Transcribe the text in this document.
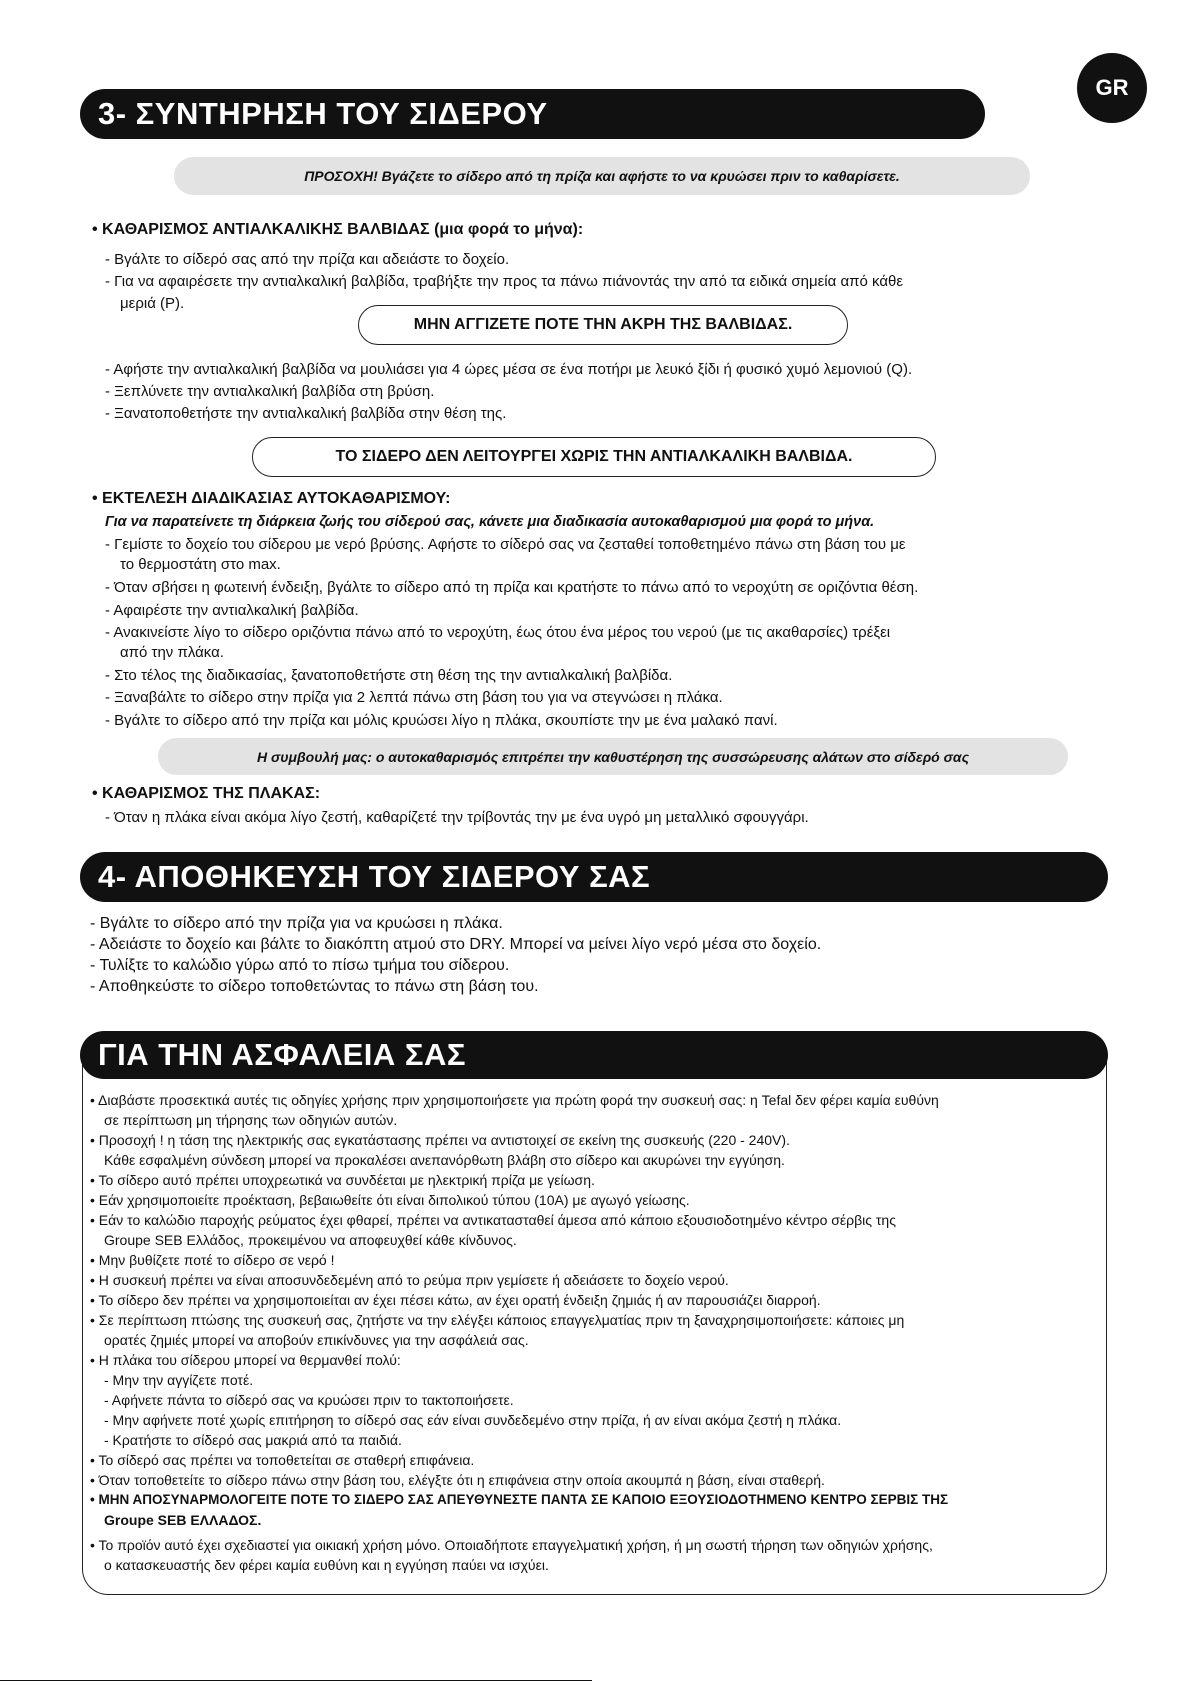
GR
3- ΣΥΝΤΗΡΗΣΗ ΤΟΥ ΣΙΔΕΡΟΥ
ΠΡΟΣΟΧΗ! Βγάζετε το σίδερο από τη πρίζα και αφήστε το να κρυώσει πριν το καθαρίσετε.
• ΚΑΘΑΡΙΣΜΟΣ ΑΝΤΙΑΛΚΑΛΙΚΗΣ ΒΑΛΒΙΔΑΣ (μια φορά το μήνα):
- Βγάλτε το σίδερό σας από την πρίζα και αδειάστε το δοχείο.
- Για να αφαιρέσετε την αντιαλκαλική βαλβίδα, τραβήξτε την προς τα πάνω πιάνοντάς την από τα ειδικά σημεία από κάθε
μεριά (P).
ΜΗΝ ΑΓΓΙΖΕΤΕ ΠΟΤΕ ΤΗΝ ΑΚΡΗ ΤΗΣ ΒΑΛΒΙΔΑΣ.
- Αφήστε την αντιαλκαλική βαλβίδα να μουλιάσει για 4 ώρες μέσα σε ένα ποτήρι με λευκό ξίδι ή φυσικό χυμό λεμονιού (Q).
- Ξεπλύνετε την αντιαλκαλική βαλβίδα στη βρύση.
- Ξανατοποθετήστε την αντιαλκαλική βαλβίδα στην θέση της.
ΤΟ ΣΙΔΕΡΟ ΔΕΝ ΛΕΙΤΟΥΡΓΕΙ ΧΩΡΙΣ ΤΗΝ ΑΝΤΙΑΛΚΑΛΙΚΗ ΒΑΛΒΙΔΑ.
• ΕΚΤΕΛΕΣΗ ΔΙΑΔΙΚΑΣΙΑΣ ΑΥΤΟΚΑΘΑΡΙΣΜΟΥ:
Για να παρατείνετε τη διάρκεια ζωής του σίδερού σας, κάνετε μια διαδικασία αυτοκαθαρισμού μια φορά το μήνα.
- Γεμίστε το δοχείο του σίδερου με νερό βρύσης. Αφήστε το σίδερό σας να ζεσταθεί τοποθετημένο πάνω στη βάση του με
το θερμοστάτη στο max.
- Όταν σβήσει η φωτεινή ένδειξη, βγάλτε το σίδερο από τη πρίζα και κρατήστε το πάνω από το νεροχύτη σε οριζόντια θέση.
- Αφαιρέστε την αντιαλκαλική βαλβίδα.
- Ανακινείστε λίγο το σίδερο οριζόντια πάνω από το νεροχύτη, έως ότου ένα μέρος του νερού (με τις ακαθαρσίες) τρέξει
από την πλάκα.
- Στο τέλος της διαδικασίας, ξανατοποθετήστε στη θέση της την αντιαλκαλική βαλβίδα.
- Ξαναβάλτε το σίδερο στην πρίζα για 2 λεπτά πάνω στη βάση του για να στεγνώσει η πλάκα.
- Βγάλτε το σίδερο από την πρίζα και μόλις κρυώσει λίγο η πλάκα, σκουπίστε την με ένα μαλακό πανί.
Η συμβουλή μας: ο αυτοκαθαρισμός επιτρέπει την καθυστέρηση της συσσώρευσης αλάτων στο σίδερό σας
• ΚΑΘΑΡΙΣΜΟΣ ΤΗΣ ΠΛΑΚΑΣ:
- Όταν η πλάκα είναι ακόμα λίγο ζεστή, καθαρίζετέ την τρίβοντάς την με ένα υγρό μη μεταλλικό σφουγγάρι.
4- ΑΠΟΘΗΚΕΥΣΗ ΤΟΥ ΣΙΔΕΡΟΥ ΣΑΣ
- Βγάλτε το σίδερο από την πρίζα για να κρυώσει η πλάκα.
- Αδειάστε το δοχείο και βάλτε το διακόπτη ατμού στο DRY. Μπορεί να μείνει λίγο νερό μέσα στο δοχείο.
- Τυλίξτε το καλώδιο γύρω από το πίσω τμήμα του σίδερου.
- Αποθηκεύστε το σίδερο τοποθετώντας το πάνω στη βάση του.
ΓΙΑ ΤΗΝ ΑΣΦΑΛΕΙΑ ΣΑΣ
• Διαβάστε προσεκτικά αυτές τις οδηγίες χρήσης πριν χρησιμοποιήσετε για πρώτη φορά την συσκευή σας: η Tefal δεν φέρει καμία ευθύνη
σε περίπτωση μη τήρησης των οδηγιών αυτών.
• Προσοχή ! η τάση της ηλεκτρικής σας εγκατάστασης πρέπει να αντιστοιχεί σε εκείνη της συσκευής (220 - 240V).
Κάθε εσφαλμένη σύνδεση μπορεί να προκαλέσει ανεπανόρθωτη βλάβη στο σίδερο και ακυρώνει την εγγύηση.
• Το σίδερο αυτό πρέπει υποχρεωτικά να συνδέεται με ηλεκτρική πρίζα με γείωση.
• Εάν χρησιμοποιείτε προέκταση, βεβαιωθείτε ότι είναι διπολικού τύπου (10A) με αγωγό γείωσης.
• Εάν το καλώδιο παροχής ρεύματος έχει φθαρεί, πρέπει να αντικατασταθεί άμεσα από κάποιο εξουσιοδοτημένο κέντρο σέρβις της
Groupe SEB Ελλάδος, προκειμένου να αποφευχθεί κάθε κίνδυνος.
• Μην βυθίζετε ποτέ το σίδερο σε νερό !
• Η συσκευή πρέπει να είναι αποσυνδεδεμένη από το ρεύμα πριν γεμίσετε ή αδειάσετε το δοχείο νερού.
• Το σίδερο δεν πρέπει να χρησιμοποιείται αν έχει πέσει κάτω, αν έχει ορατή ένδειξη ζημιάς ή αν παρουσιάζει διαρροή.
• Σε περίπτωση πτώσης της συσκευή σας, ζητήστε να την ελέγξει κάποιος επαγγελματίας πριν τη ξαναχρησιμοποιήσετε: κάποιες μη
ορατές ζημιές μπορεί να αποβούν επικίνδυνες για την ασφάλειά σας.
• Η πλάκα του σίδερου μπορεί να θερμανθεί πολύ:
- Μην την αγγίζετε ποτέ.
- Αφήνετε πάντα το σίδερό σας να κρυώσει πριν το τακτοποιήσετε.
- Μην αφήνετε ποτέ χωρίς επιτήρηση το σίδερό σας εάν είναι συνδεδεμένο στην πρίζα, ή αν είναι ακόμα ζεστή η πλάκα.
- Κρατήστε το σίδερό σας μακριά από τα παιδιά.
• Το σίδερό σας πρέπει να τοποθετείται σε σταθερή επιφάνεια.
• Όταν τοποθετείτε το σίδερο πάνω στην βάση του, ελέγξτε ότι η επιφάνεια στην οποία ακουμπά η βάση, είναι σταθερή.
• ΜΗΝ ΑΠΟΣΥΝΑΡΜΟΛΟΓΕΙΤΕ ΠΟΤΕ ΤΟ ΣΙΔΕΡΟ ΣΑΣ ΑΠΕΥΘΥΝΕΣΤΕ ΠΑΝΤΑ ΣΕ ΚΑΠΟΙΟ ΕΞΟΥΣΙΟΔΟΤΗΜΕΝΟ ΚΕΝΤΡΟ ΣΕΡΒΙΣ ΤΗΣ
Groupe SEB ΕΛΛΑΔΟΣ.
• Το προϊόν αυτό έχει σχεδιαστεί για οικιακή χρήση μόνο. Οποιαδήποτε επαγγελματική χρήση, ή μη σωστή τήρηση των οδηγιών χρήσης,
ο κατασκευαστής δεν φέρει καμία ευθύνη και η εγγύηση παύει να ισχύει.
